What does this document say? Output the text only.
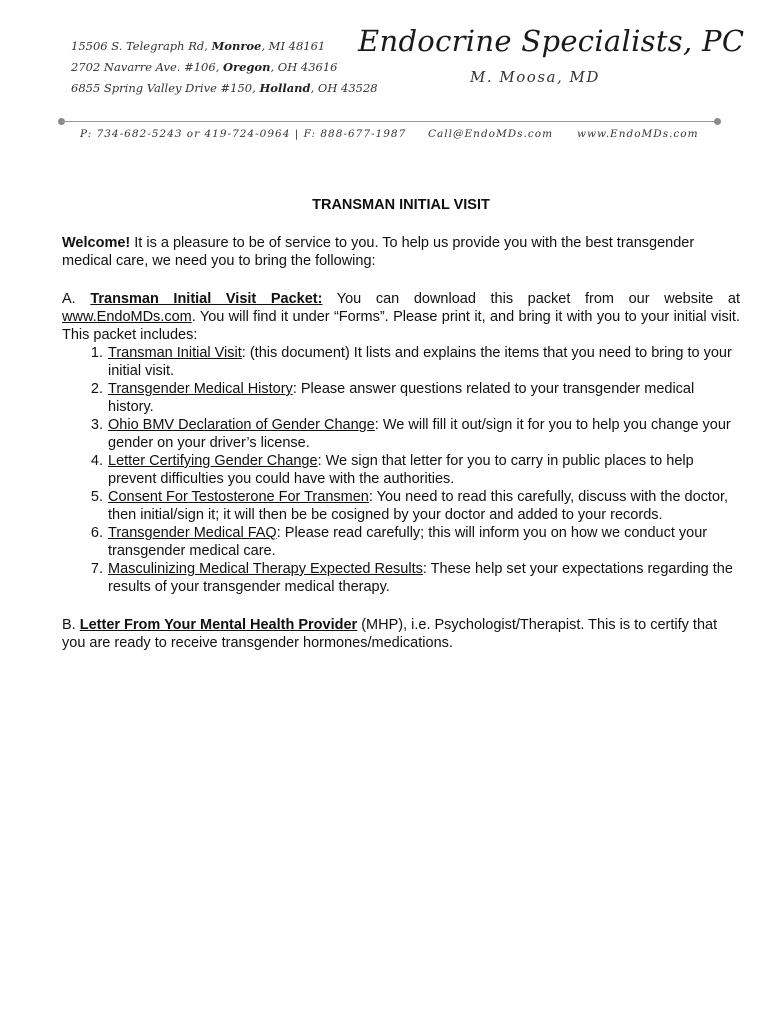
15506 S. Telegraph Rd, Monroe, MI 48161
2702 Navarre Ave. #106, Oregon, OH 43616
6855 Spring Valley Drive #150, Holland, OH 43528
Endocrine Specialists, PC
M. Moosa, MD
P: 734-682-5243 or 419-724-0964 | F: 888-677-1987 Call@EndoMDs.com www.EndoMDs.com
TRANSMAN INITIAL VISIT

Welcome! It is a pleasure to be of service to you. To help us provide you with the best transgender medical care, we need you to bring the following:

A. Transman Initial Visit Packet: You can download this packet from our website at www.EndoMDs.com. You will find it under “Forms”. Please print it, and bring it with you to your initial visit. This packet includes:
1. Transman Initial Visit: (this document) It lists and explains the items that you need to bring to your initial visit.
2. Transgender Medical History: Please answer questions related to your transgender medical history.
3. Ohio BMV Declaration of Gender Change: We will fill it out/sign it for you to help you change your gender on your driver’s license.
4. Letter Certifying Gender Change: We sign that letter for you to carry in public places to help prevent difficulties you could have with the authorities.
5. Consent For Testosterone For Transmen: You need to read this carefully, discuss with the doctor, then initial/sign it; it will then be be cosigned by your doctor and added to your records.
6. Transgender Medical FAQ: Please read carefully; this will inform you on how we conduct your transgender medical care.
7. Masculinizing Medical Therapy Expected Results: These help set your expectations regarding the results of your transgender medical therapy.

B. Letter From Your Mental Health Provider (MHP), i.e. Psychologist/Therapist. This is to certify that you are ready to receive transgender hormones/medications.
